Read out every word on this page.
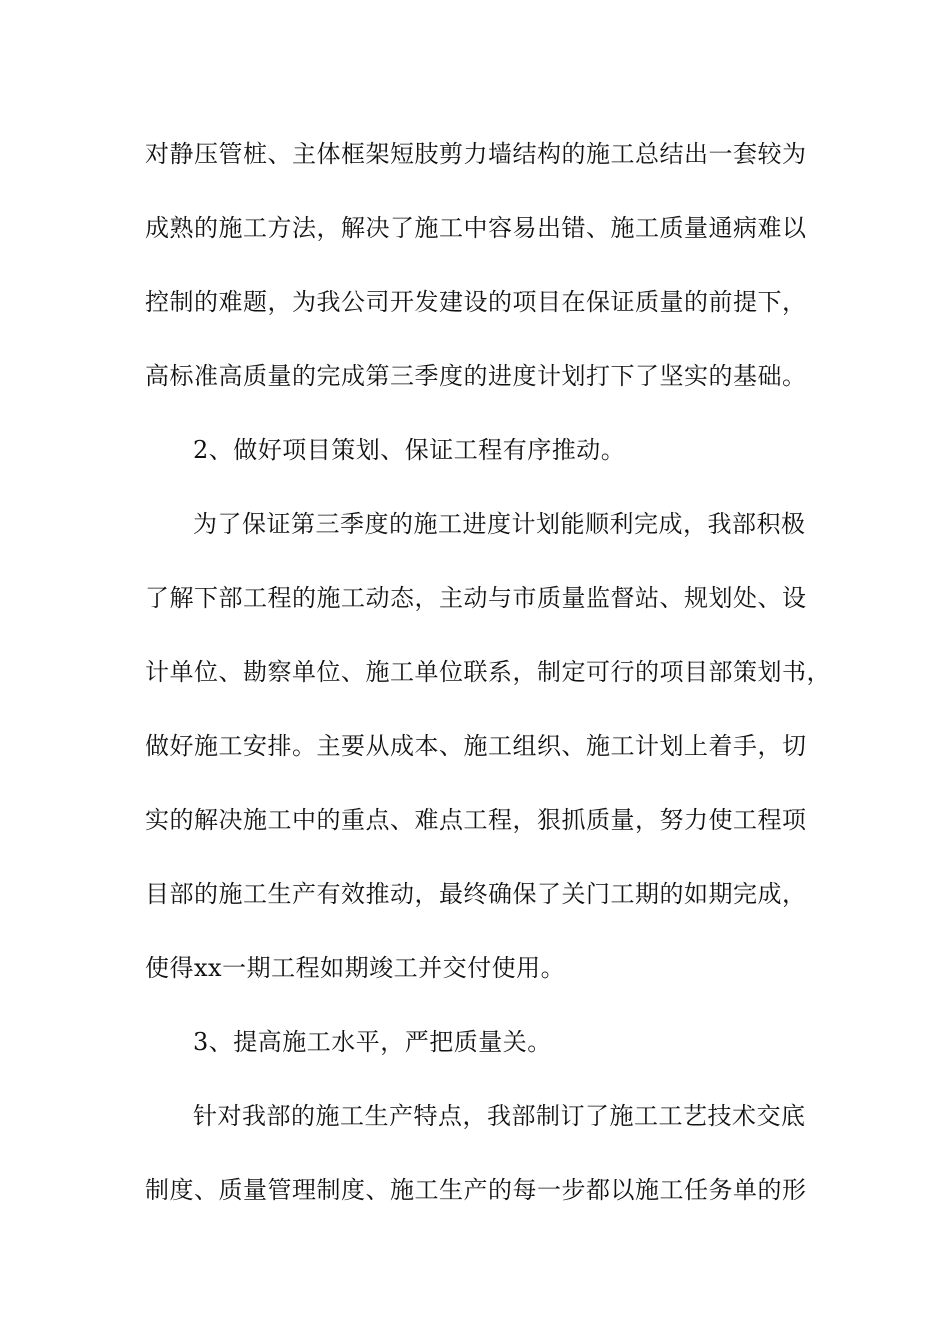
对静压管桩、主体框架短肢剪力墙结构的施工总结出一套较为
成熟的施工方法，解决了施工中容易出错、施工质量通病难以
控制的难题，为我公司开发建设的项目在保证质量的前提下，
高标准高质量的完成第三季度的进度计划打下了坚实的基础。
2、做好项目策划、保证工程有序推动。
为了保证第三季度的施工进度计划能顺利完成，我部积极
了解下部工程的施工动态，主动与市质量监督站、规划处、设
计单位、勘察单位、施工单位联系，制定可行的项目部策划书，
做好施工安排。主要从成本、施工组织、施工计划上着手，切
实的解决施工中的重点、难点工程，狠抓质量，努力使工程项
目部的施工生产有效推动，最终确保了关门工期的如期完成，
使得xx一期工程如期竣工并交付使用。
3、提高施工水平，严把质量关。
针对我部的施工生产特点，我部制订了施工工艺技术交底
制度、质量管理制度、施工生产的每一步都以施工任务单的形
